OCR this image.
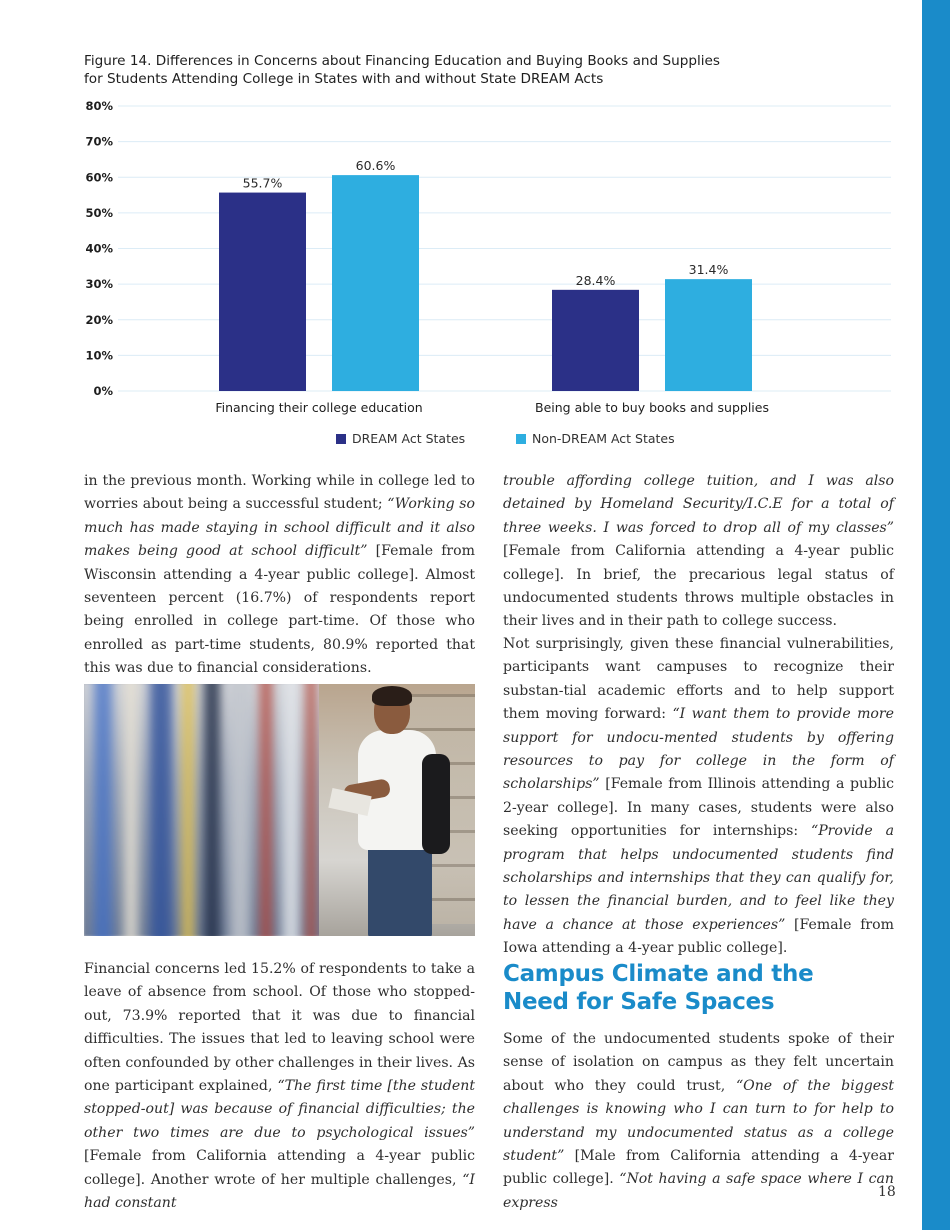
Figure 14. Differences in Concerns about Financing Education and Buying Books and Supplies
for Students Attending College in States with and without State DREAM Acts
0%
10%
20%
30%
40%
50%
60%
70%
80%
55.7%
28.4%
60.6%
31.4%
Financing their college education	Being able to buy books and supplies
DREAM Act States	Non-DREAM Act States

in the previous month. Working while in college led to worries about being a successful student; “Working so much has made staying in school difficult and it also makes being good at school difficult” [Female from Wisconsin attending a 4-year public college]. Almost seventeen percent (16.7%) of respondents report being enrolled in college part-time. Of those who enrolled as part-time students, 80.9% reported that this was due to financial considerations.

Financial concerns led 15.2% of respondents to take a leave of absence from school. Of those who stopped-out, 73.9% reported that it was due to financial difficulties. The issues that led to leaving school were often confounded by other challenges in their lives. As one participant explained, “The first time [the student stopped-out] was because of financial difficulties; the other two times are due to psychological issues” [Female from California attending a 4-year public college]. Another wrote of her multiple challenges, “I had constant

trouble affording college tuition, and I was also detained by Homeland Security/I.C.E for a total of three weeks. I was forced to drop all of my classes” [Female from California attending a 4-year public college]. In brief, the precarious legal status of undocumented students throws multiple obstacles in their lives and in their path to college success.

Not surprisingly, given these financial vulnerabilities, participants want campuses to recognize their substan-tial academic efforts and to help support them moving forward: “I want them to provide more support for undocu-mented students by offering resources to pay for college in the form of scholarships” [Female from Illinois attending a public 2-year college]. In many cases, students were also seeking opportunities for internships: “Provide a program that helps undocumented students find scholarships and internships that they can qualify for, to lessen the financial burden, and to feel like they have a chance at those experiences” [Female from Iowa attending a 4-year public college].

Campus Climate and the
Need for Safe Spaces

Some of the undocumented students spoke of their sense of isolation on campus as they felt uncertain about who they could trust, “One of the biggest challenges is knowing who I can turn to for help to understand my undocumented status as a college student” [Male from California attending a 4-year public college]. “Not having a safe space where I can express

18
